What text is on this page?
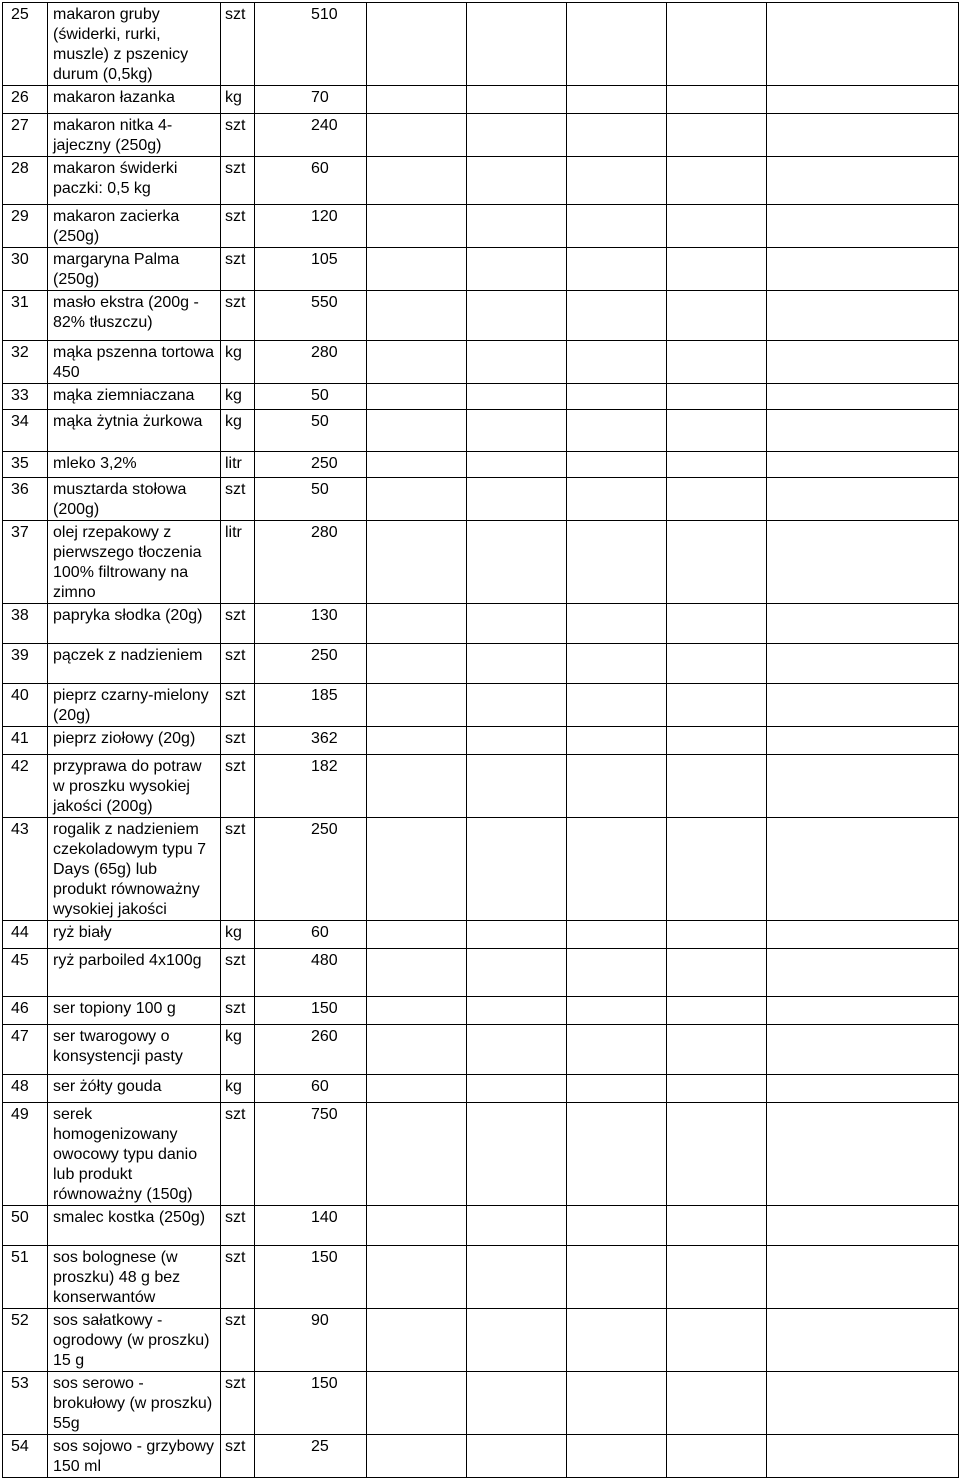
25	makaron gruby (świderki, rurki, muszle) z pszenicy durum (0,5kg)	szt	510					
26	makaron łazanka	kg	70					
27	makaron nitka 4-jajeczny (250g)	szt	240					
28	makaron świderki paczki: 0,5 kg	szt	60					
29	makaron zacierka (250g)	szt	120					
30	margaryna Palma (250g)	szt	105					
31	masło ekstra (200g - 82% tłuszczu)	szt	550					
32	mąka pszenna tortowa 450	kg	280					
33	mąka ziemniaczana	kg	50					
34	mąka żytnia żurkowa	kg	50					
35	mleko 3,2%	litr	250					
36	musztarda stołowa (200g)	szt	50					
37	olej rzepakowy z pierwszego tłoczenia 100% filtrowany na zimno	litr	280					
38	papryka słodka (20g)	szt	130					
39	pączek z nadzieniem	szt	250					
40	pieprz czarny-mielony (20g)	szt	185					
41	pieprz ziołowy (20g)	szt	362					
42	przyprawa do potraw w proszku wysokiej jakości (200g)	szt	182					
43	rogalik z nadzieniem czekoladowym typu 7 Days (65g) lub produkt równoważny wysokiej jakości	szt	250					
44	ryż biały	kg	60					
45	ryż parboiled 4x100g	szt	480					
46	ser topiony 100 g	szt	150					
47	ser twarogowy o konsystencji pasty	kg	260					
48	ser żółty gouda	kg	60					
49	serek homogenizowany owocowy typu danio lub produkt równoważny (150g)	szt	750					
50	smalec kostka (250g)	szt	140					
51	sos bolognese (w proszku) 48 g bez konserwantów	szt	150					
52	sos sałatkowy - ogrodowy (w proszku) 15 g	szt	90					
53	sos serowo - brokułowy (w proszku) 55g	szt	150					
54	sos sojowo - grzybowy 150 ml	szt	25					
